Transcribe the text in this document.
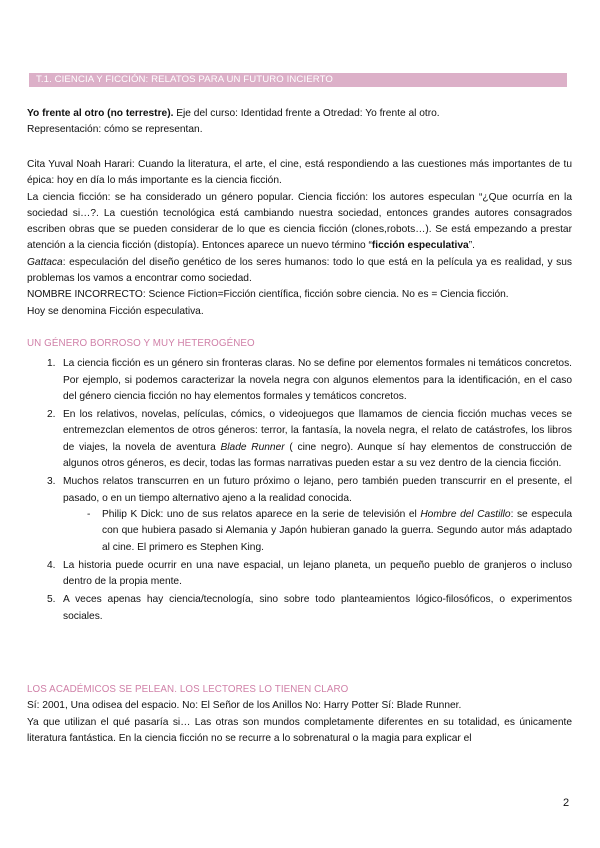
T.1. CIENCIA Y FICCIÓN: RELATOS PARA UN FUTURO INCIERTO

Yo frente al otro (no terrestre). Eje del curso: Identidad frente a Otredad: Yo frente al otro.

Representación: cómo se representan.

Cita Yuval Noah Harari: Cuando la literatura, el arte, el cine, está respondiendo a las cuestiones más importantes de tu épica: hoy en día lo más importante es la ciencia ficción.

La ciencia ficción: se ha considerado un género popular. Ciencia ficción: los autores especulan “¿Que ocurría en la sociedad si…?. La cuestión tecnológica está cambiando nuestra sociedad, entonces grandes autores consagrados escriben obras que se pueden considerar de lo que es ciencia ficción (clones,robots…). Se está empezando a prestar atención a la ciencia ficción (distopía). Entonces aparece un nuevo término “ficción especulativa”.

Gattaca: especulación del diseño genético de los seres humanos: todo lo que está en la película ya es realidad, y sus problemas los vamos a encontrar como sociedad.

NOMBRE INCORRECTO: Science Fiction=Ficción científica, ficción sobre ciencia. No es = Ciencia ficción.

Hoy se denomina Ficción especulativa.

UN GÉNERO BORROSO Y MUY HETEROGÉNEO

1. La ciencia ficción es un género sin fronteras claras. No se define por elementos formales ni temáticos concretos. Por ejemplo, si podemos caracterizar la novela negra con algunos elementos para la identificación, en el caso del género ciencia ficción no hay elementos formales y temáticos concretos.
2. En los relativos, novelas, películas, cómics, o videojuegos que llamamos de ciencia ficción muchas veces se entremezclan elementos de otros géneros: terror, la fantasía, la novela negra, el relato de catástrofes, los libros de viajes, la novela de aventura Blade Runner ( cine negro). Aunque sí hay elementos de construcción de algunos otros géneros, es decir, todas las formas narrativas pueden estar a su vez dentro de la ciencia ficción.
3. Muchos relatos transcurren en un futuro próximo o lejano, pero también pueden transcurrir en el presente, el pasado, o en un tiempo alternativo ajeno a la realidad conocida.
- Philip K Dick: uno de sus relatos aparece en la serie de televisión el Hombre del Castillo: se especula con que hubiera pasado si Alemania y Japón hubieran ganado la guerra. Segundo autor más adaptado al cine. El primero es Stephen King.
4. La historia puede ocurrir en una nave espacial, un lejano planeta, un pequeño pueblo de granjeros o incluso dentro de la propia mente.
5. A veces apenas hay ciencia/tecnología, sino sobre todo planteamientos lógico-filosóficos, o experimentos sociales.

LOS ACADÉMICOS SE PELEAN. LOS LECTORES LO TIENEN CLARO

Sí: 2001, Una odisea del espacio. No: El Señor de los Anillos No: Harry Potter Sí: Blade Runner.

Ya que utilizan el qué pasaría si… Las otras son mundos completamente diferentes en su totalidad, es únicamente literatura fantástica. En la ciencia ficción no se recurre a lo sobrenatural o la magia para explicar el

2
